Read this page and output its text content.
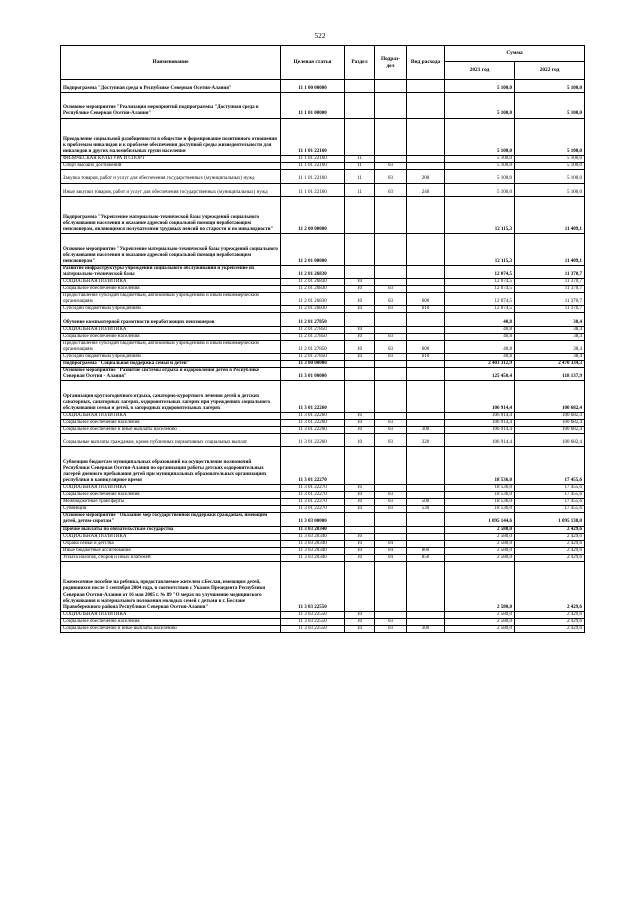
522
Наименование	Целевая статья	Раздел	Подраз-дел	Вид расхода	Сумма	
					2021 год	2022 год
Подпрограмма "Доступная среда в Республике Северная Осетия-Алания"	11 1 00 00000				5 100,0	5 100,0
Основное мероприятие "Реализация мероприятий подпрограммы "Доступная среда в Республике Северная Осетия-Алания"	11 1 01 00000				5 100,0	5 100,0
Преодоление социальной разобщенности в обществе и формирование позитивного отношения к проблемам инвалидов и к проблеме обеспечения доступной среды жизнедеятельности для инвалидов и других маломобильных групп населения	11 1 01 22160				5 100,0	5 100,0
ФИЗИЧЕСКАЯ КУЛЬТУРА И СПОРТ	11 1 01 22160	11			5 100,0	5 100,0
Спорт высших достижений	11 1 01 22160	11	03		5 100,0	5 100,0
Закупка товаров, работ и услуг для обеспечения государственных (муниципальных) нужд	11 1 01 22160	11	03	200	5 100,0	5 100,0
Иные закупки товаров, работ и услуг для обеспечения государственных (муниципальных) нужд	11 1 01 22160	11	03	240	5 100,0	5 100,0
Подпрограмма "Укрепление материально-технической базы учреждений социального обслуживания населения и оказание адресной социальной помощи неработающим пенсионерам, являющимся получателями трудовых пенсий по старости и по инвалидности"	11 2 00 00000				12 115,3	11 409,1
Основное мероприятие "Укрепление материально-технической базы учреждений социального обслуживания населения и оказание адресной социальной помощи неработающим пенсионерам"	11 2 01 00000				12 115,3	11 409,1
Развитие инфраструктуры учреждений социального обслуживания и укрепление их материально-технической базы	11 2 01 26830				12 074,5	11 370,7
СОЦИАЛЬНАЯ ПОЛИТИКА	11 2 01 26830	10			12 074,5	11 370,7
Социальное обеспечение населения	11 2 01 26830	10	03		12 074,5	11 370,7
Предоставление субсидий бюджетным, автономным учреждениям и иным некоммерческим организациям	11 2 01 26830	10	03	600	12 074,5	11 370,7
Субсидии бюджетным учреждениям	11 2 01 26830	10	03	610	12 074,5	11 370,7
Обучение компьютерной грамотности неработающих пенсионеров	11 2 01 27850				40,8	38,4
СОЦИАЛЬНАЯ ПОЛИТИКА	11 2 01 27850	10			40,8	38,4
Социальное обеспечение населения	11 2 01 27850	10	03		40,8	38,4
Предоставление субсидий бюджетным, автономным учреждениям и иным некоммерческим организациям	11 2 01 27850	10	03	600	40,8	38,4
Субсидии бюджетным учреждениям	11 2 01 27850	10	03	610	40,8	38,4
Подпрограмма "Социальная поддержка семьи и детей"	11 3 00 00000				2 403 312,9	2 470 334,3
Основное мероприятие "Развитие системы отдыха и оздоровления детей в Республике Северная Осетия - Алания"	11 3 01 00000				125 450,4	118 137,9
Организация круглогодичного отдыха, санаторно-курортного лечения детей в детских санаторных, санаторных лагерях, оздоровительных лагерях при учреждениях социального обслуживания семьи и детей, в загородных оздоровительных лагерях	11 3 01 22260				106 914,4	100 682,4
СОЦИАЛЬНАЯ ПОЛИТИКА	11 3 01 22260	10			106 914,4	100 682,4
Социальное обеспечение населения	11 3 01 22260	10	03		106 914,4	100 682,4
Социальное обеспечение и иные выплаты населению	11 3 01 22260	10	03	300	106 914,4	100 682,4
Социальные выплаты гражданам, кроме публичных нормативных социальных выплат	11 3 01 22260	10	03	320	106 914,4	100 682,4
Субвенции бюджетам муниципальных образований на осуществление полномочий Республики Северная Осетия-Алания по организации работы детских оздоровительных лагерей дневного пребывания детей при муниципальных образовательных организациях республики в каникулярное время	11 3 01 22270				18 536,0	17 455,6
СОЦИАЛЬНАЯ ПОЛИТИКА	11 3 01 22270	10			18 536,0	17 455,6
Социальное обеспечение населения	11 3 01 22270	10	03		18 536,0	17 455,6
Межбюджетные трансферты	11 3 01 22270	10	03	500	18 536,0	17 455,6
Субвенции	11 3 01 22270	10	03	530	18 536,0	17 455,6
Основное мероприятие "Оказание мер государственной поддержки гражданам, имеющим детей, детям-сиротам"	11 3 03 00000				1 095 144,6	1 095 138,0
Прочие выплаты по обязательствам государства	11 3 03 20340				2 580,0	2 429,6
СОЦИАЛЬНАЯ ПОЛИТИКА	11 3 03 20340	10			2 580,0	2 429,6
Охрана семьи и детства	11 3 03 20340	10	04		2 580,0	2 429,6
Иные бюджетные ассигнования	11 3 03 20340	10	04	800	2 580,0	2 429,6
Уплата налогов, сборов и иных платежей	11 3 03 20340	10	04	850	2 580,0	2 429,6
Ежемесячное пособие на ребенка, предоставляемое жителям г.Беслан, имеющим детей, родившихся после 1 сентября 2004 года, в соответствии с Указом Президента Республики Северная Осетия-Алания от 16 мая 2005 г. № 89 "О мерах по улучшению медицинского обслуживания и материального положения молодых семей с детьми в г. Беслане Правобережного района Республики Северная Осетия-Алания"	11 3 03 22550				2 580,0	2 429,6
СОЦИАЛЬНАЯ ПОЛИТИКА	11 3 03 22550	10			2 580,0	2 429,6
Социальное обеспечение населения	11 3 03 22550	10	03		2 580,0	2 429,6
Социальное обеспечение и иные выплаты населению	11 3 03 22550	10	03	300	2 580,0	2 429,6
